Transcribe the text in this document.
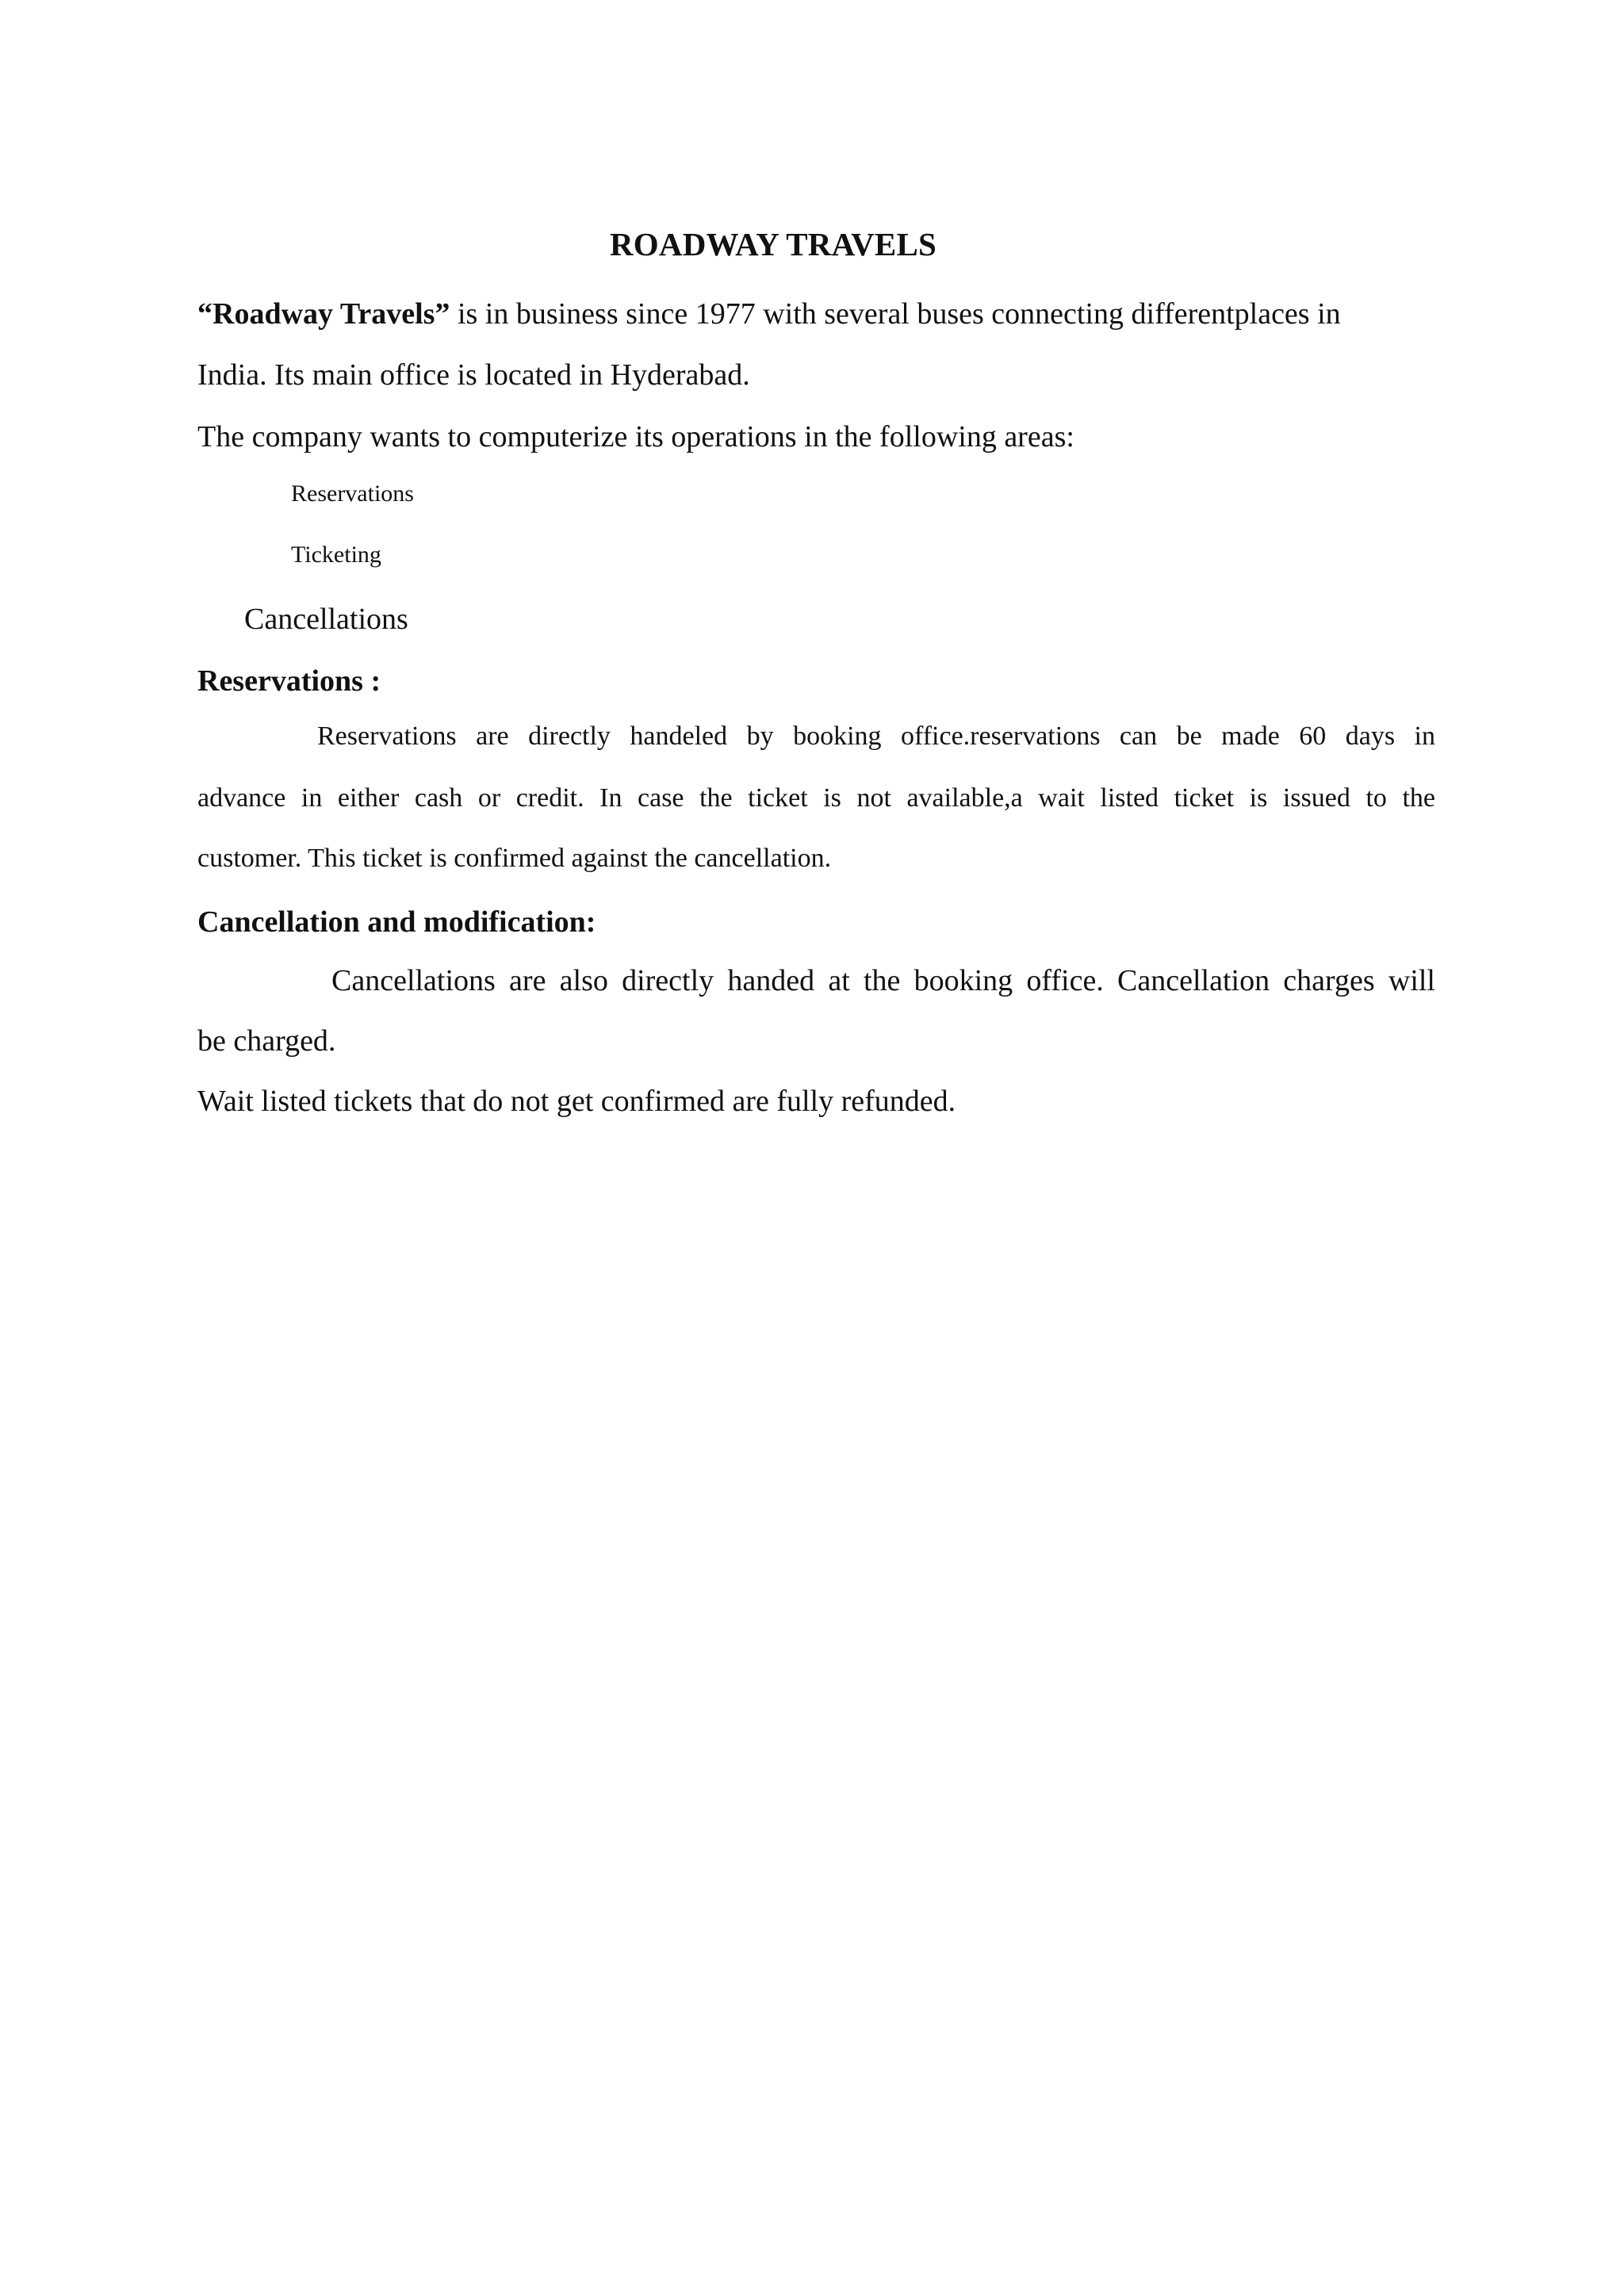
ROADWAY TRAVELS
“Roadway Travels” is in business since 1977 with several buses connecting differentplaces in
India. Its main office is located in Hyderabad.
The company wants to computerize its operations in the following areas:
Reservations
Ticketing
Cancellations
Reservations :
Reservations are directly handeled by booking office.reservations can be made 60 days in
advance in either cash or credit. In case the ticket is not available,a wait listed ticket is issued to the
customer. This ticket is confirmed against the cancellation.
Cancellation and modification:
Cancellations are also directly handed at the booking office. Cancellation charges will
be charged.
Wait listed tickets that do not get confirmed are fully refunded.
